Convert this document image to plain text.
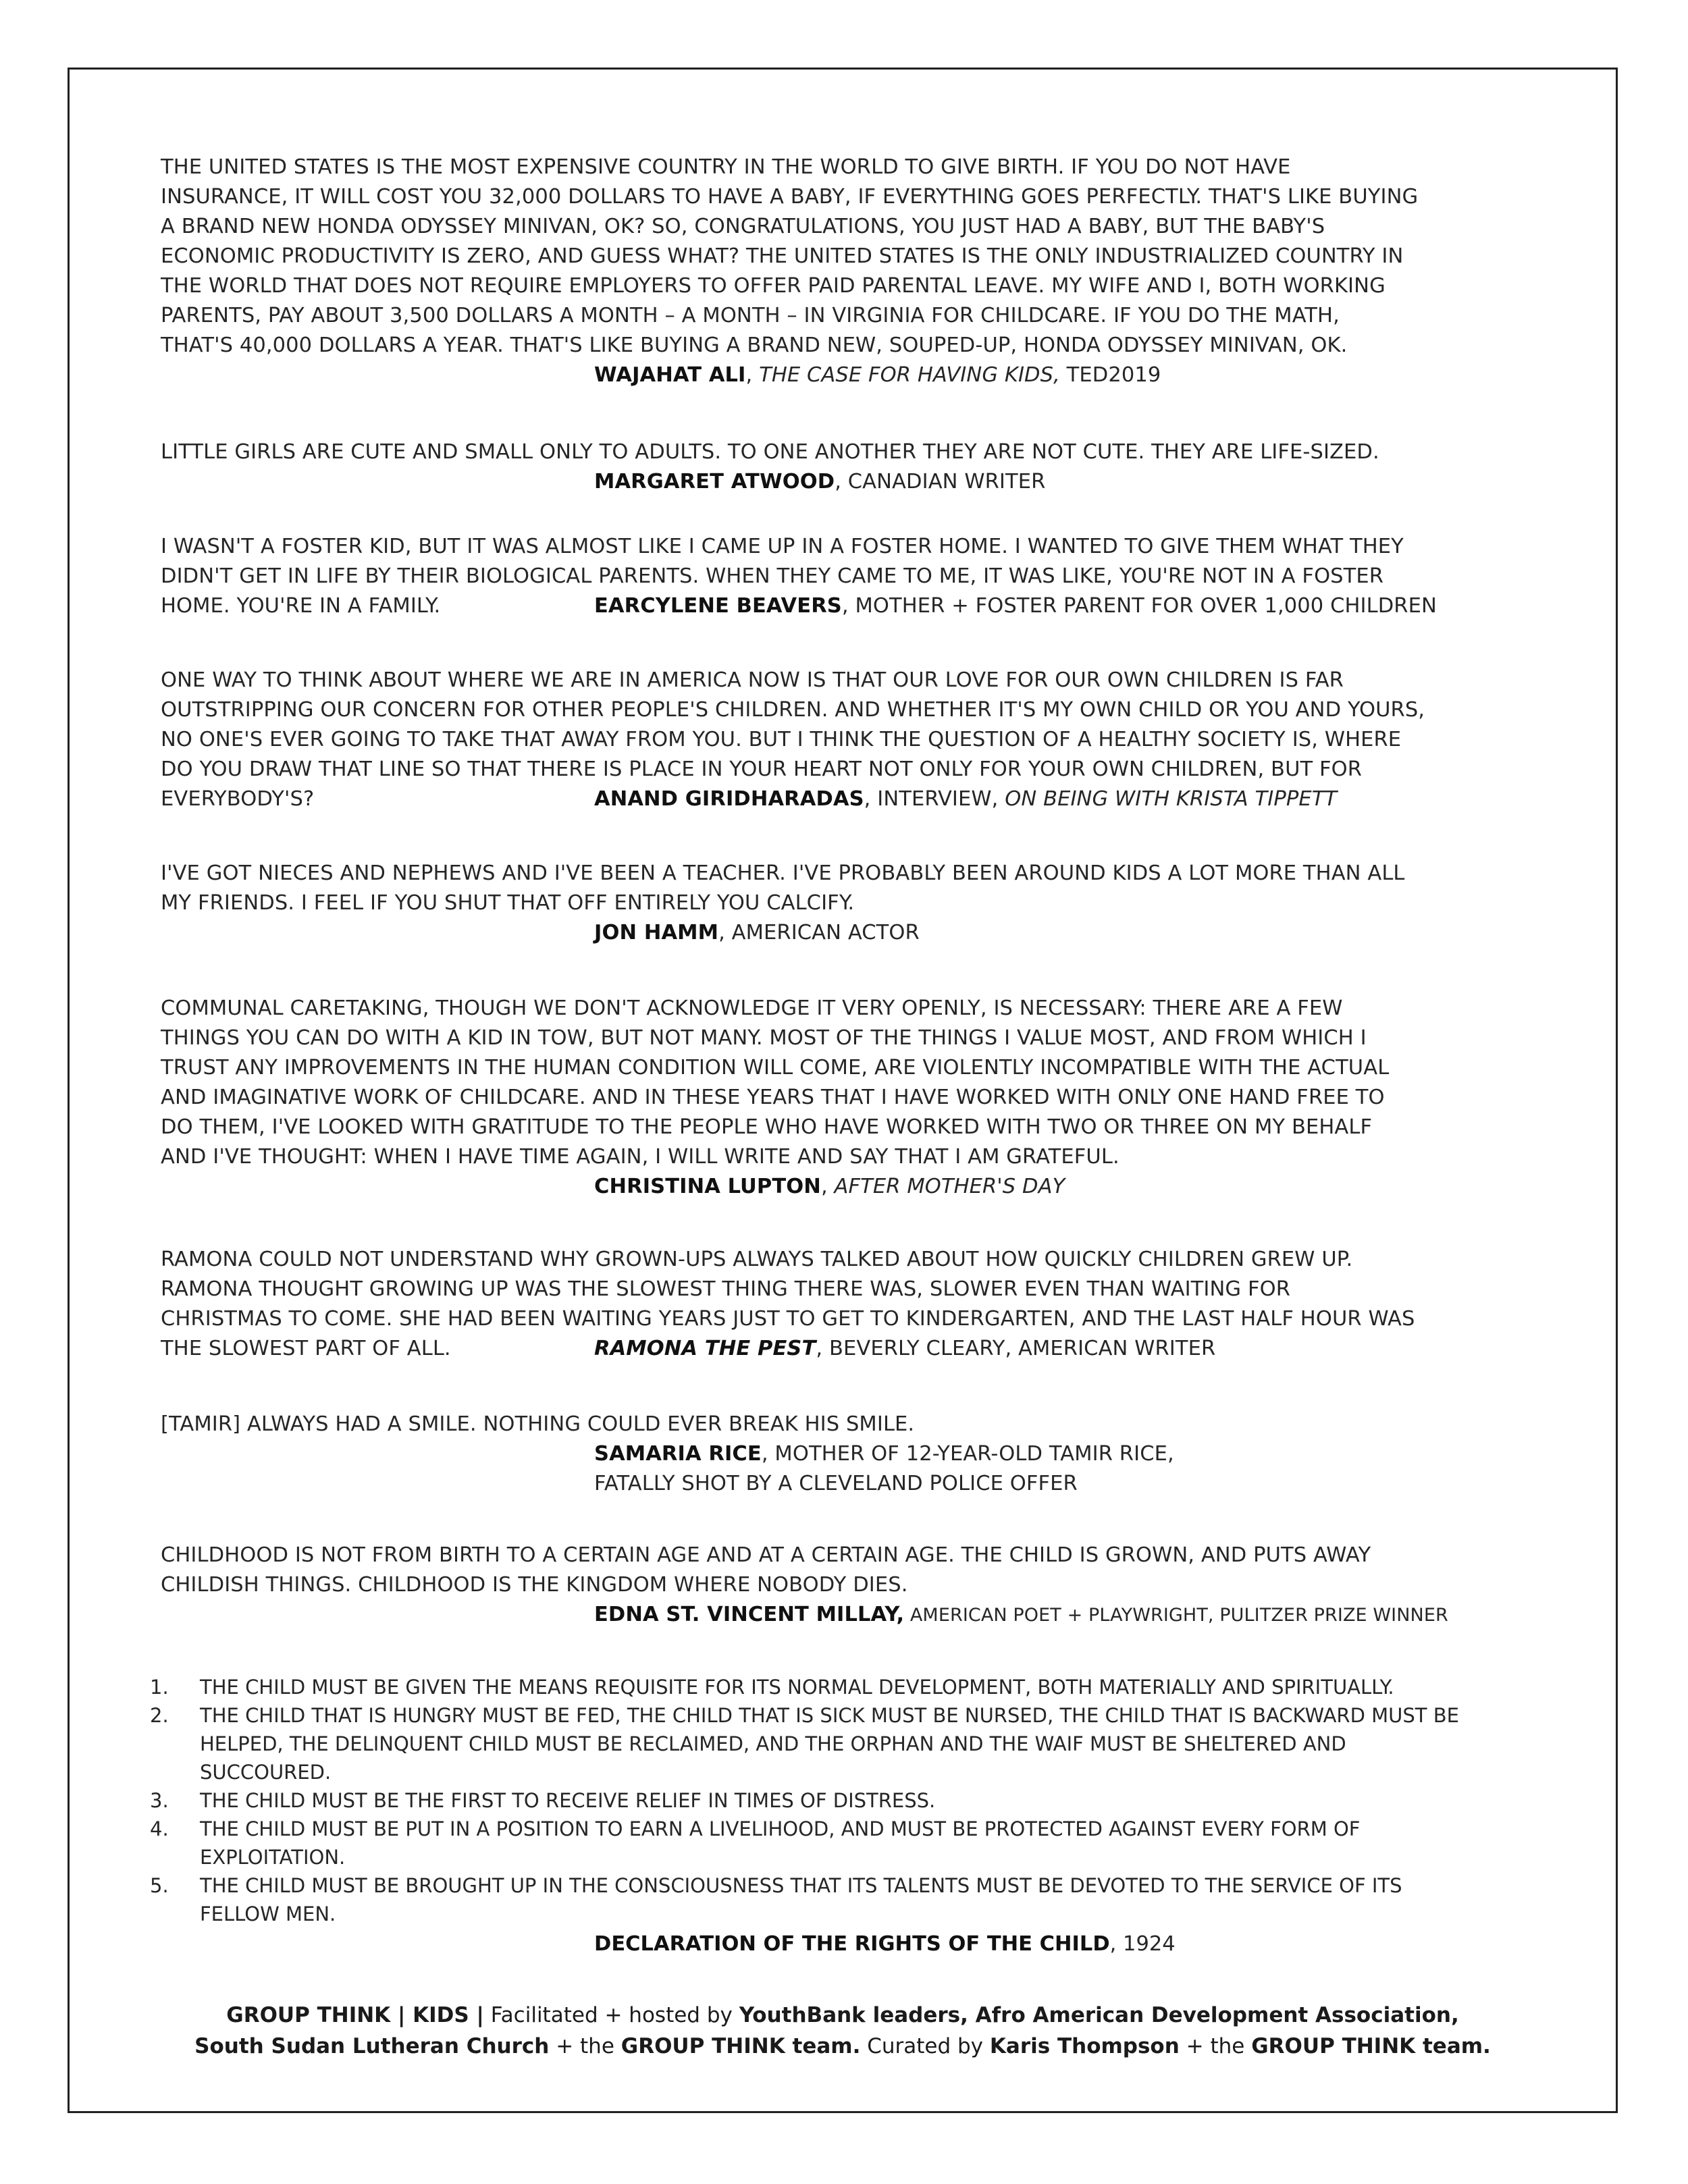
THE UNITED STATES IS THE MOST EXPENSIVE COUNTRY IN THE WORLD TO GIVE BIRTH. IF YOU DO NOT HAVE
INSURANCE, IT WILL COST YOU 32,000 DOLLARS TO HAVE A BABY, IF EVERYTHING GOES PERFECTLY. THAT'S LIKE BUYING
A BRAND NEW HONDA ODYSSEY MINIVAN, OK? SO, CONGRATULATIONS, YOU JUST HAD A BABY, BUT THE BABY'S
ECONOMIC PRODUCTIVITY IS ZERO, AND GUESS WHAT? THE UNITED STATES IS THE ONLY INDUSTRIALIZED COUNTRY IN
THE WORLD THAT DOES NOT REQUIRE EMPLOYERS TO OFFER PAID PARENTAL LEAVE. MY WIFE AND I, BOTH WORKING
PARENTS, PAY ABOUT 3,500 DOLLARS A MONTH – A MONTH – IN VIRGINIA FOR CHILDCARE. IF YOU DO THE MATH,
THAT'S 40,000 DOLLARS A YEAR. THAT'S LIKE BUYING A BRAND NEW, SOUPED-UP, HONDA ODYSSEY MINIVAN, OK.
WAJAHAT ALI, THE CASE FOR HAVING KIDS, TED2019
LITTLE GIRLS ARE CUTE AND SMALL ONLY TO ADULTS. TO ONE ANOTHER THEY ARE NOT CUTE. THEY ARE LIFE-SIZED.
MARGARET ATWOOD, CANADIAN WRITER
I WASN'T A FOSTER KID, BUT IT WAS ALMOST LIKE I CAME UP IN A FOSTER HOME. I WANTED TO GIVE THEM WHAT THEY
DIDN'T GET IN LIFE BY THEIR BIOLOGICAL PARENTS. WHEN THEY CAME TO ME, IT WAS LIKE, YOU'RE NOT IN A FOSTER
HOME. YOU'RE IN A FAMILY.	EARCYLENE BEAVERS, MOTHER + FOSTER PARENT FOR OVER 1,000 CHILDREN
ONE WAY TO THINK ABOUT WHERE WE ARE IN AMERICA NOW IS THAT OUR LOVE FOR OUR OWN CHILDREN IS FAR
OUTSTRIPPING OUR CONCERN FOR OTHER PEOPLE'S CHILDREN. AND WHETHER IT'S MY OWN CHILD OR YOU AND YOURS,
NO ONE'S EVER GOING TO TAKE THAT AWAY FROM YOU. BUT I THINK THE QUESTION OF A HEALTHY SOCIETY IS, WHERE
DO YOU DRAW THAT LINE SO THAT THERE IS PLACE IN YOUR HEART NOT ONLY FOR YOUR OWN CHILDREN, BUT FOR
EVERYBODY'S?	ANAND GIRIDHARADAS, INTERVIEW, ON BEING WITH KRISTA TIPPETT
I'VE GOT NIECES AND NEPHEWS AND I'VE BEEN A TEACHER. I'VE PROBABLY BEEN AROUND KIDS A LOT MORE THAN ALL
MY FRIENDS. I FEEL IF YOU SHUT THAT OFF ENTIRELY YOU CALCIFY.
JON HAMM, AMERICAN ACTOR
COMMUNAL CARETAKING, THOUGH WE DON'T ACKNOWLEDGE IT VERY OPENLY, IS NECESSARY: THERE ARE A FEW
THINGS YOU CAN DO WITH A KID IN TOW, BUT NOT MANY. MOST OF THE THINGS I VALUE MOST, AND FROM WHICH I
TRUST ANY IMPROVEMENTS IN THE HUMAN CONDITION WILL COME, ARE VIOLENTLY INCOMPATIBLE WITH THE ACTUAL
AND IMAGINATIVE WORK OF CHILDCARE. AND IN THESE YEARS THAT I HAVE WORKED WITH ONLY ONE HAND FREE TO
DO THEM, I'VE LOOKED WITH GRATITUDE TO THE PEOPLE WHO HAVE WORKED WITH TWO OR THREE ON MY BEHALF
AND I'VE THOUGHT: WHEN I HAVE TIME AGAIN, I WILL WRITE AND SAY THAT I AM GRATEFUL.
CHRISTINA LUPTON, AFTER MOTHER'S DAY
RAMONA COULD NOT UNDERSTAND WHY GROWN-UPS ALWAYS TALKED ABOUT HOW QUICKLY CHILDREN GREW UP.
RAMONA THOUGHT GROWING UP WAS THE SLOWEST THING THERE WAS, SLOWER EVEN THAN WAITING FOR
CHRISTMAS TO COME. SHE HAD BEEN WAITING YEARS JUST TO GET TO KINDERGARTEN, AND THE LAST HALF HOUR WAS
THE SLOWEST PART OF ALL.	RAMONA THE PEST, BEVERLY CLEARY, AMERICAN WRITER
[TAMIR] ALWAYS HAD A SMILE. NOTHING COULD EVER BREAK HIS SMILE.
SAMARIA RICE, MOTHER OF 12-YEAR-OLD TAMIR RICE,
FATALLY SHOT BY A CLEVELAND POLICE OFFER
CHILDHOOD IS NOT FROM BIRTH TO A CERTAIN AGE AND AT A CERTAIN AGE. THE CHILD IS GROWN, AND PUTS AWAY
CHILDISH THINGS. CHILDHOOD IS THE KINGDOM WHERE NOBODY DIES.
EDNA ST. VINCENT MILLAY, AMERICAN POET + PLAYWRIGHT, PULITZER PRIZE WINNER
1. THE CHILD MUST BE GIVEN THE MEANS REQUISITE FOR ITS NORMAL DEVELOPMENT, BOTH MATERIALLY AND SPIRITUALLY.
2. THE CHILD THAT IS HUNGRY MUST BE FED, THE CHILD THAT IS SICK MUST BE NURSED, THE CHILD THAT IS BACKWARD MUST BE
HELPED, THE DELINQUENT CHILD MUST BE RECLAIMED, AND THE ORPHAN AND THE WAIF MUST BE SHELTERED AND
SUCCOURED.
3. THE CHILD MUST BE THE FIRST TO RECEIVE RELIEF IN TIMES OF DISTRESS.
4. THE CHILD MUST BE PUT IN A POSITION TO EARN A LIVELIHOOD, AND MUST BE PROTECTED AGAINST EVERY FORM OF
EXPLOITATION.
5. THE CHILD MUST BE BROUGHT UP IN THE CONSCIOUSNESS THAT ITS TALENTS MUST BE DEVOTED TO THE SERVICE OF ITS
FELLOW MEN.
DECLARATION OF THE RIGHTS OF THE CHILD, 1924
GROUP THINK | KIDS | Facilitated + hosted by YouthBank leaders, Afro American Development Association,
South Sudan Lutheran Church + the GROUP THINK team. Curated by Karis Thompson + the GROUP THINK team.
